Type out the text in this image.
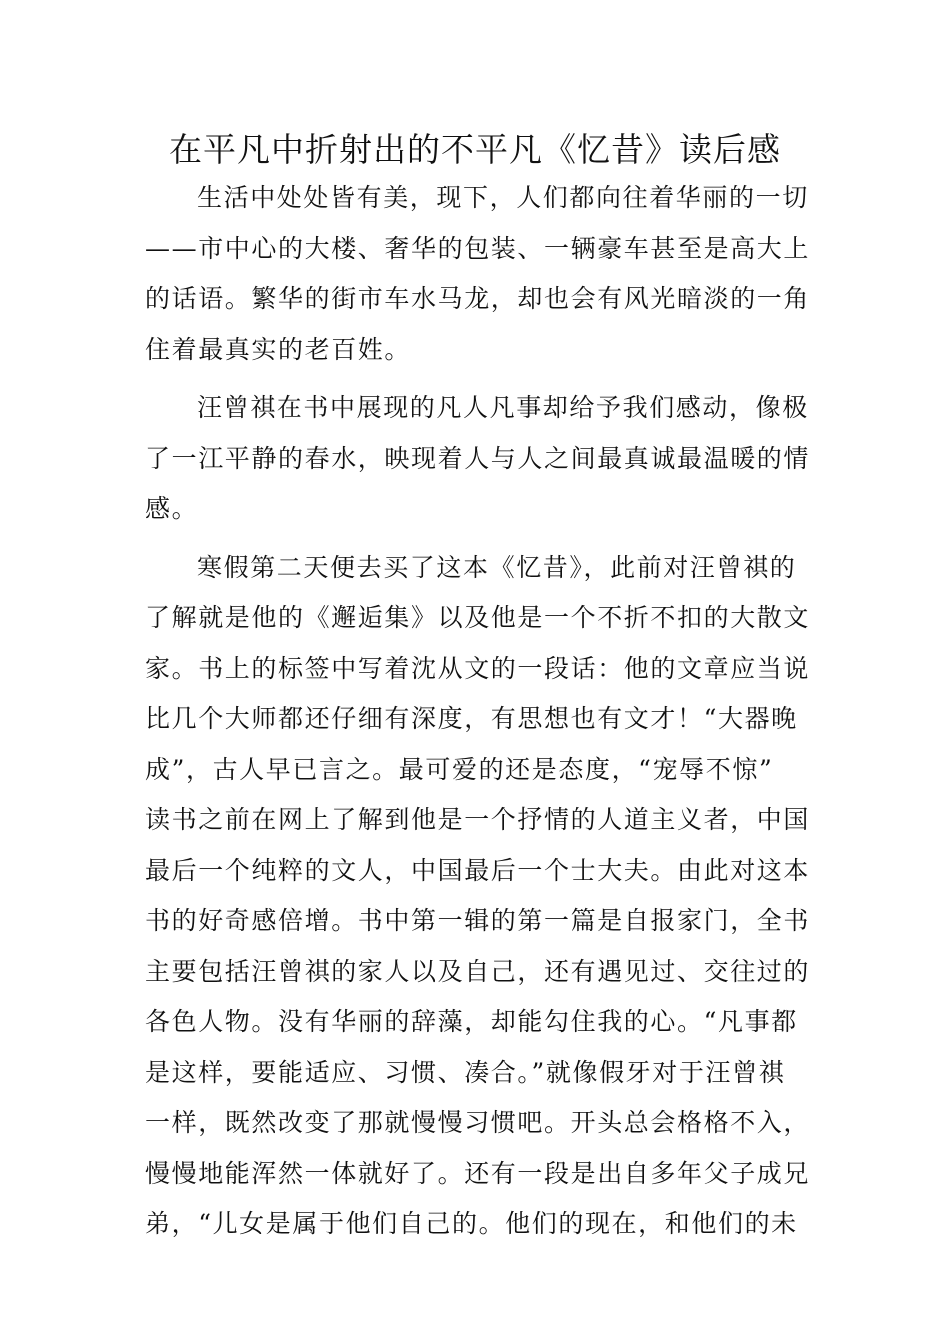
在平凡中折射出的不平凡《忆昔》读后感

生活中处处皆有美，现下，人们都向往着华丽的一切
——市中心的大楼、奢华的包装、一辆豪车甚至是高大上
的话语。繁华的街市车水马龙，却也会有风光暗淡的一角
住着最真实的老百姓。

汪曾祺在书中展现的凡人凡事却给予我们感动，像极
了一江平静的春水，映现着人与人之间最真诚最温暖的情
感。

寒假第二天便去买了这本《忆昔》，此前对汪曾祺的
了解就是他的《邂逅集》以及他是一个不折不扣的大散文
家。书上的标签中写着沈从文的一段话：他的文章应当说
比几个大师都还仔细有深度，有思想也有文才！“大器晚
成”，古人早已言之。最可爱的还是态度，“宠辱不惊”
读书之前在网上了解到他是一个抒情的人道主义者，中国
最后一个纯粹的文人，中国最后一个士大夫。由此对这本
书的好奇感倍增。书中第一辑的第一篇是自报家门，全书
主要包括汪曾祺的家人以及自己，还有遇见过、交往过的
各色人物。没有华丽的辞藻，却能勾住我的心。“凡事都
是这样，要能适应、习惯、凑合。”就像假牙对于汪曾祺
一样，既然改变了那就慢慢习惯吧。开头总会格格不入，
慢慢地能浑然一体就好了。还有一段是出自多年父子成兄
弟，“儿女是属于他们自己的。他们的现在，和他们的未
